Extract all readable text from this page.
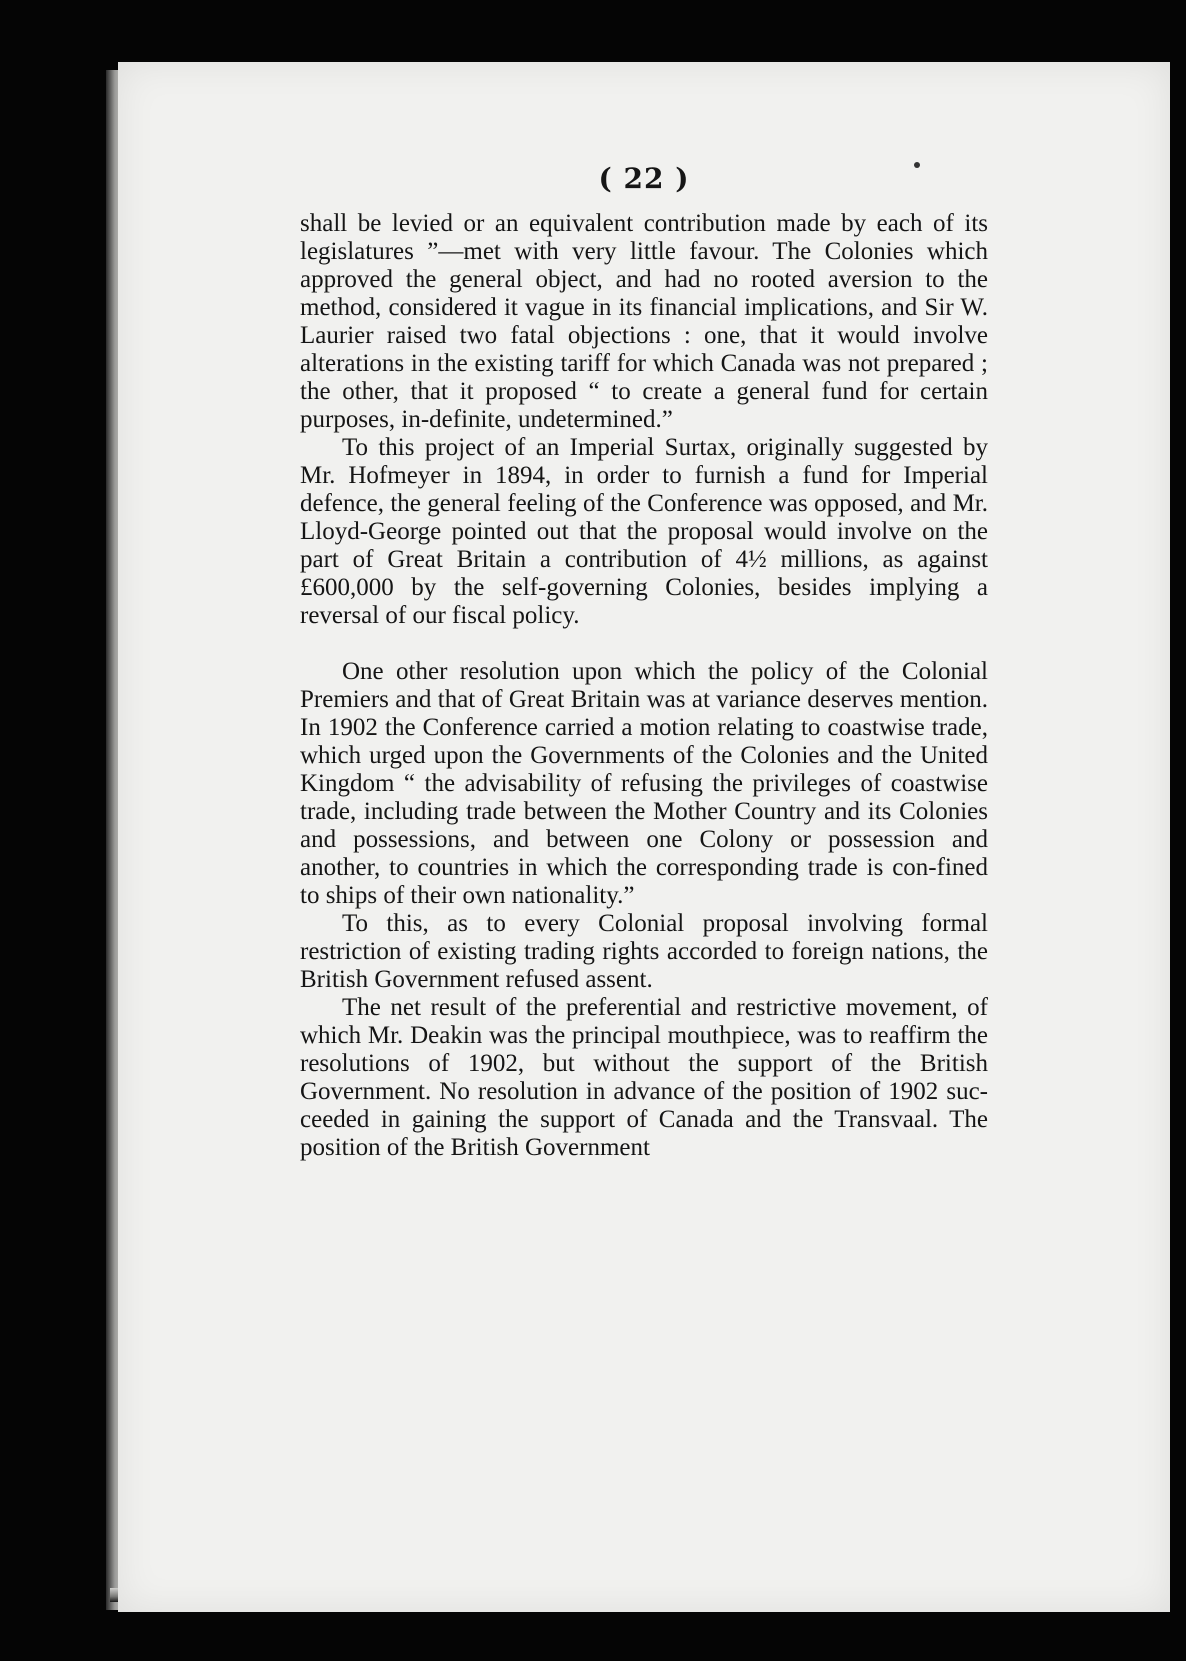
( 22 )

shall be levied or an equivalent contribution made by each of its legislatures ”—met with very little favour. The Colonies which approved the general object, and had no rooted aversion to the method, considered it vague in its financial implications, and Sir W. Laurier raised two fatal objections : one, that it would involve alterations in the existing tariff for which Canada was not prepared ; the other, that it proposed “ to create a general fund for certain purposes, in-definite, undetermined.”

To this project of an Imperial Surtax, originally suggested by Mr. Hofmeyer in 1894, in order to furnish a fund for Imperial defence, the general feeling of the Conference was opposed, and Mr. Lloyd-George pointed out that the proposal would involve on the part of Great Britain a contribution of 4½ millions, as against £600,000 by the self-governing Colonies, besides implying a reversal of our fiscal policy.

One other resolution upon which the policy of the Colonial Premiers and that of Great Britain was at variance deserves mention. In 1902 the Conference carried a motion relating to coastwise trade, which urged upon the Governments of the Colonies and the United Kingdom “ the advisability of refusing the privileges of coastwise trade, including trade between the Mother Country and its Colonies and possessions, and between one Colony or possession and another, to countries in which the corresponding trade is con-fined to ships of their own nationality.”

To this, as to every Colonial proposal involving formal restriction of existing trading rights accorded to foreign nations, the British Government refused assent.

The net result of the preferential and restrictive movement, of which Mr. Deakin was the principal mouthpiece, was to reaffirm the resolutions of 1902, but without the support of the British Government. No resolution in advance of the position of 1902 suc-ceeded in gaining the support of Canada and the Transvaal. The position of the British Government
